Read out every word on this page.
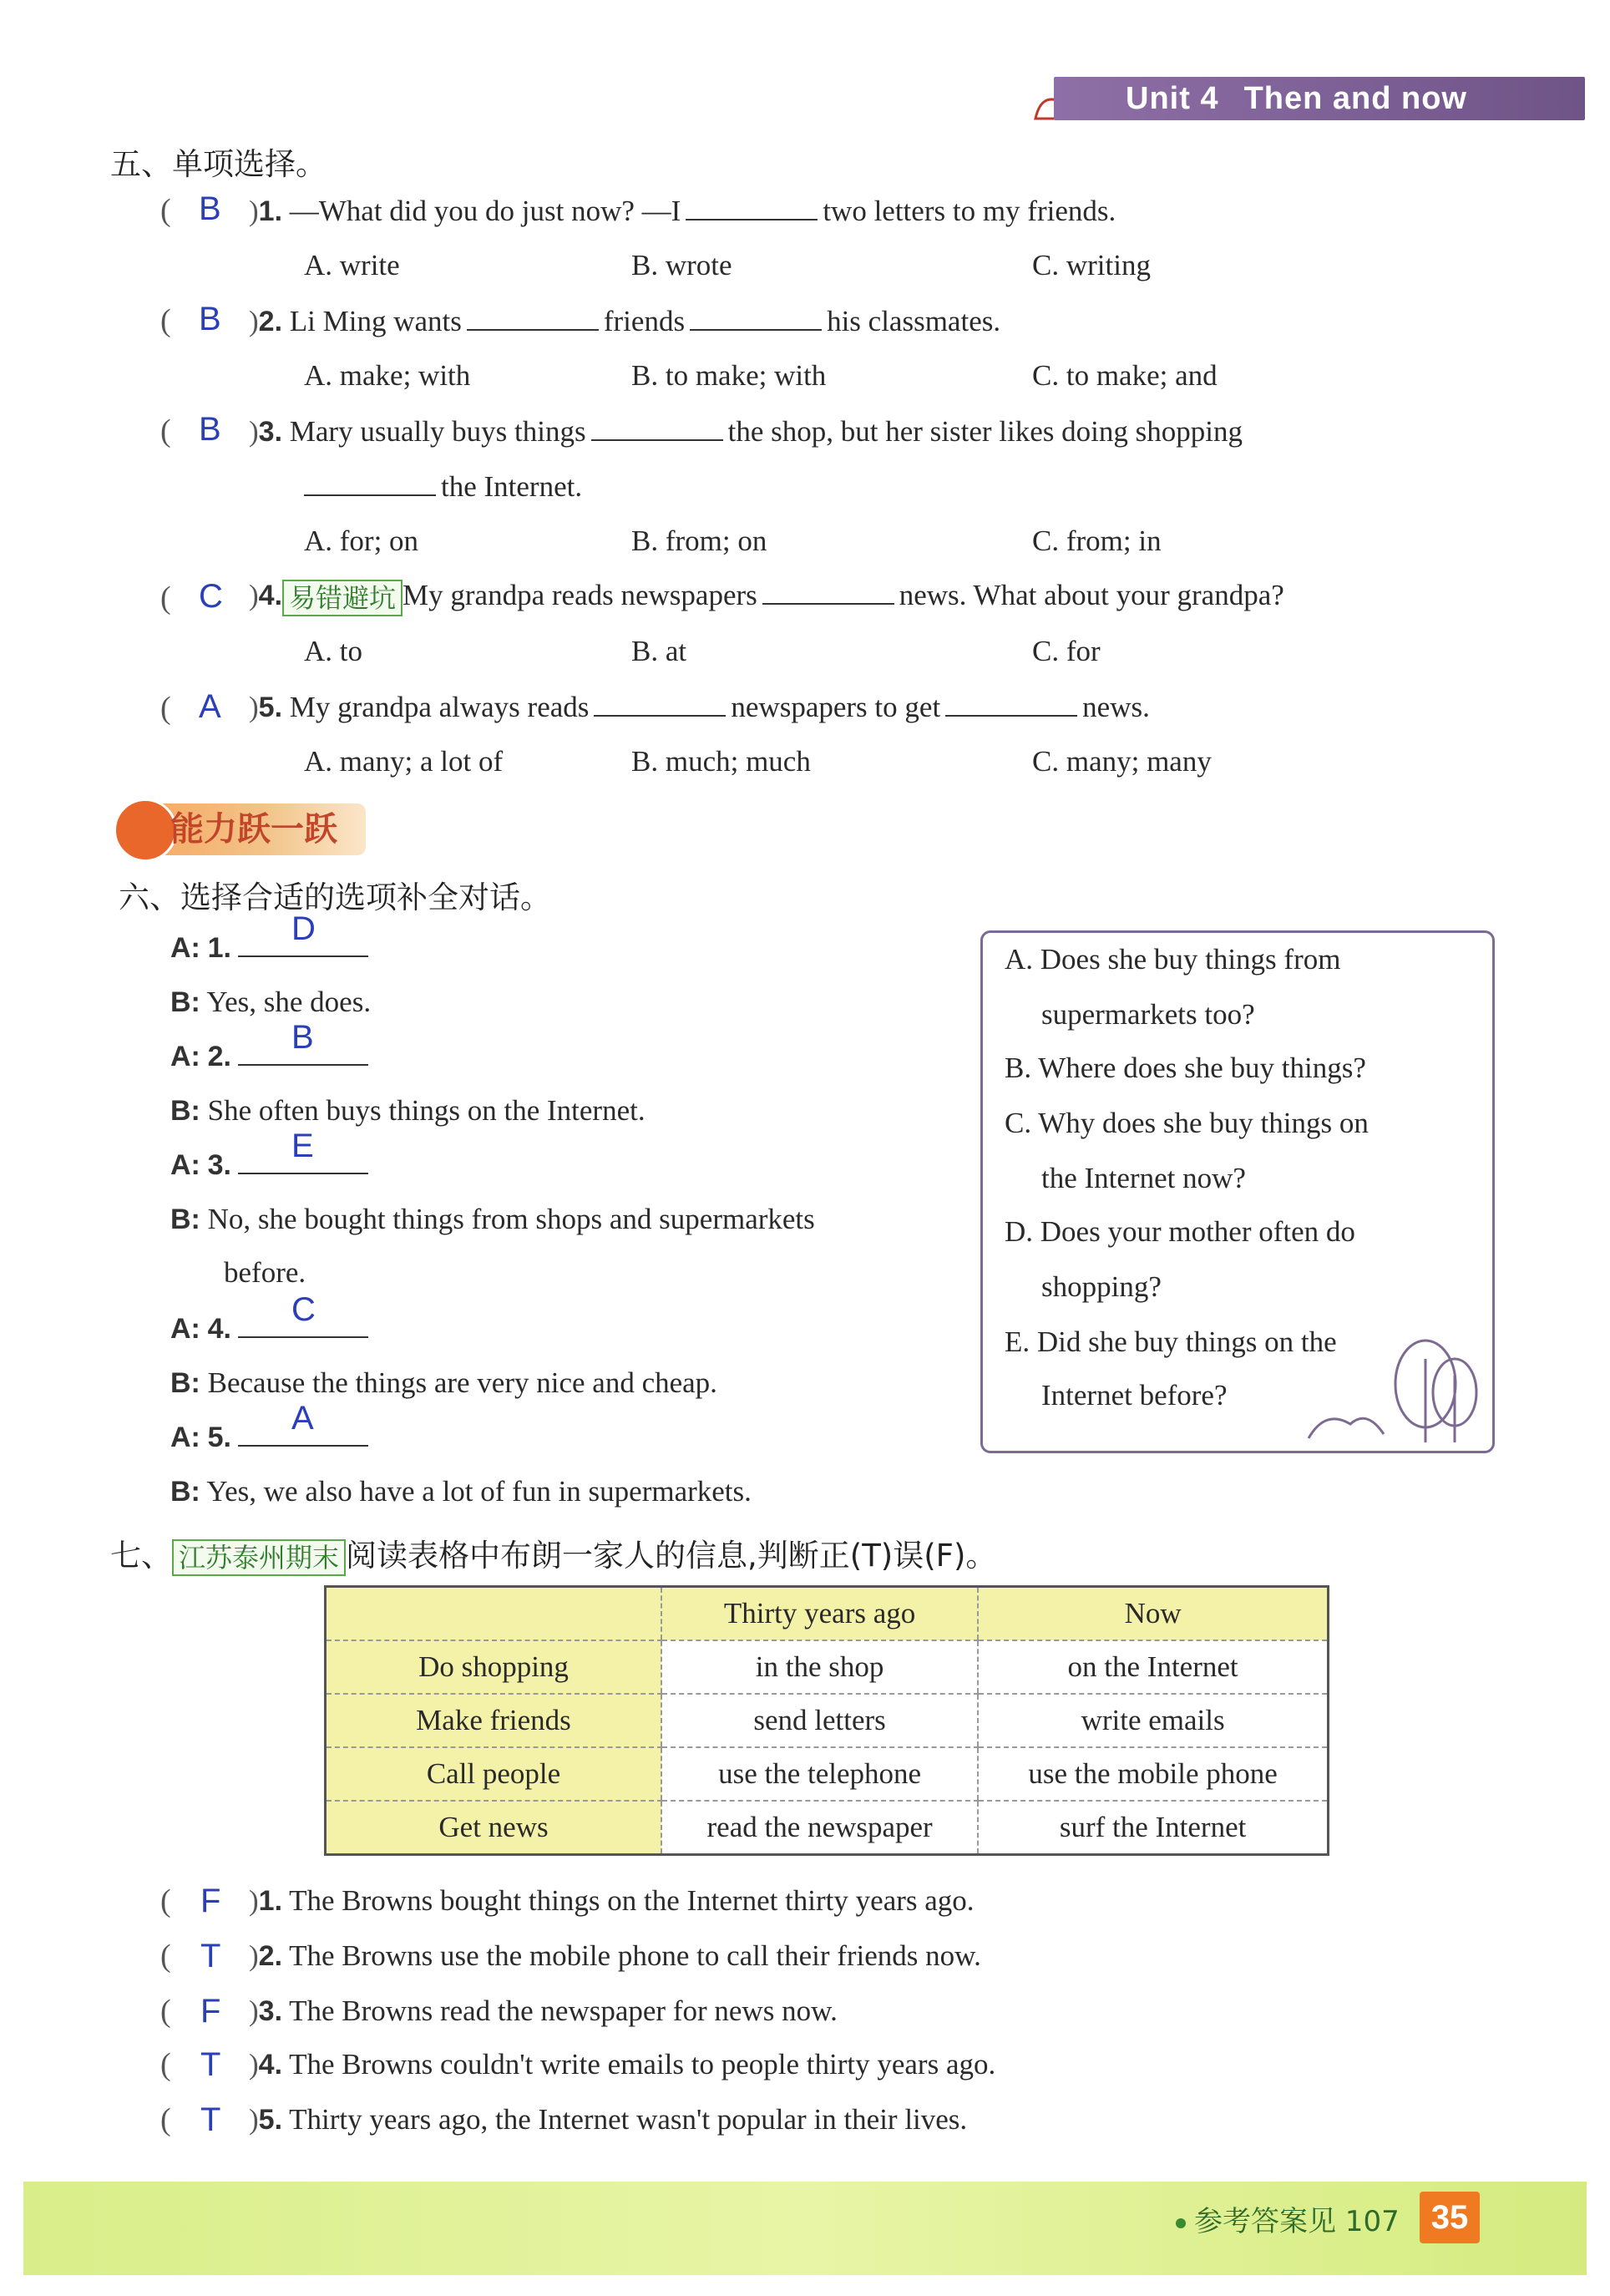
Unit 4 Then and now
五、单项选择。
( B )1. —What did you do just now? —I	two letters to my friends.
A. write	B. wrote	C. writing
( B )2. Li Ming wants	friends	his classmates.
A. make; with	B. to make; with	C. to make; and
( B )3. Mary usually buys things	the shop, but her sister likes doing shopping
the Internet.
A. for; on	B. from; on	C. from; in
( C )4. 易错避坑 My grandpa reads newspapers	news. What about your grandpa?
A. to	B. at	C. for
( A )5. My grandpa always reads	newspapers to get	news.
A. many; a lot of	B. much; much	C. many; many
能力跃一跃
六、选择合适的选项补全对话。
A: 1.
D
B: Yes, she does.
A: 2.
B
B: She often buys things on the Internet.
A: 3.
E
B: No, she bought things from shops and supermarkets
before.
A: 4.
C
B: Because the things are very nice and cheap.
A: 5.
A
B: Yes, we also have a lot of fun in supermarkets.
A. Does she buy things from
supermarkets too?
B. Where does she buy things?
C. Why does she buy things on
the Internet now?
D. Does your mother often do
shopping?
E. Did she buy things on the
Internet before?
七、 江苏泰州期末 阅读表格中布朗一家人的信息,判断正(T)误(F)。
	Thirty years ago	Now
Do shopping	in the shop	on the Internet
Make friends	send letters	write emails
Call people	use the telephone	use the mobile phone
Get news	read the newspaper	surf the Internet
( F )1. The Browns bought things on the Internet thirty years ago.
( T )2. The Browns use the mobile phone to call their friends now.
( F )3. The Browns read the newspaper for news now.
( T )4. The Browns couldn't write emails to people thirty years ago.
( T )5. Thirty years ago, the Internet wasn't popular in their lives.
参考答案见 107 35
